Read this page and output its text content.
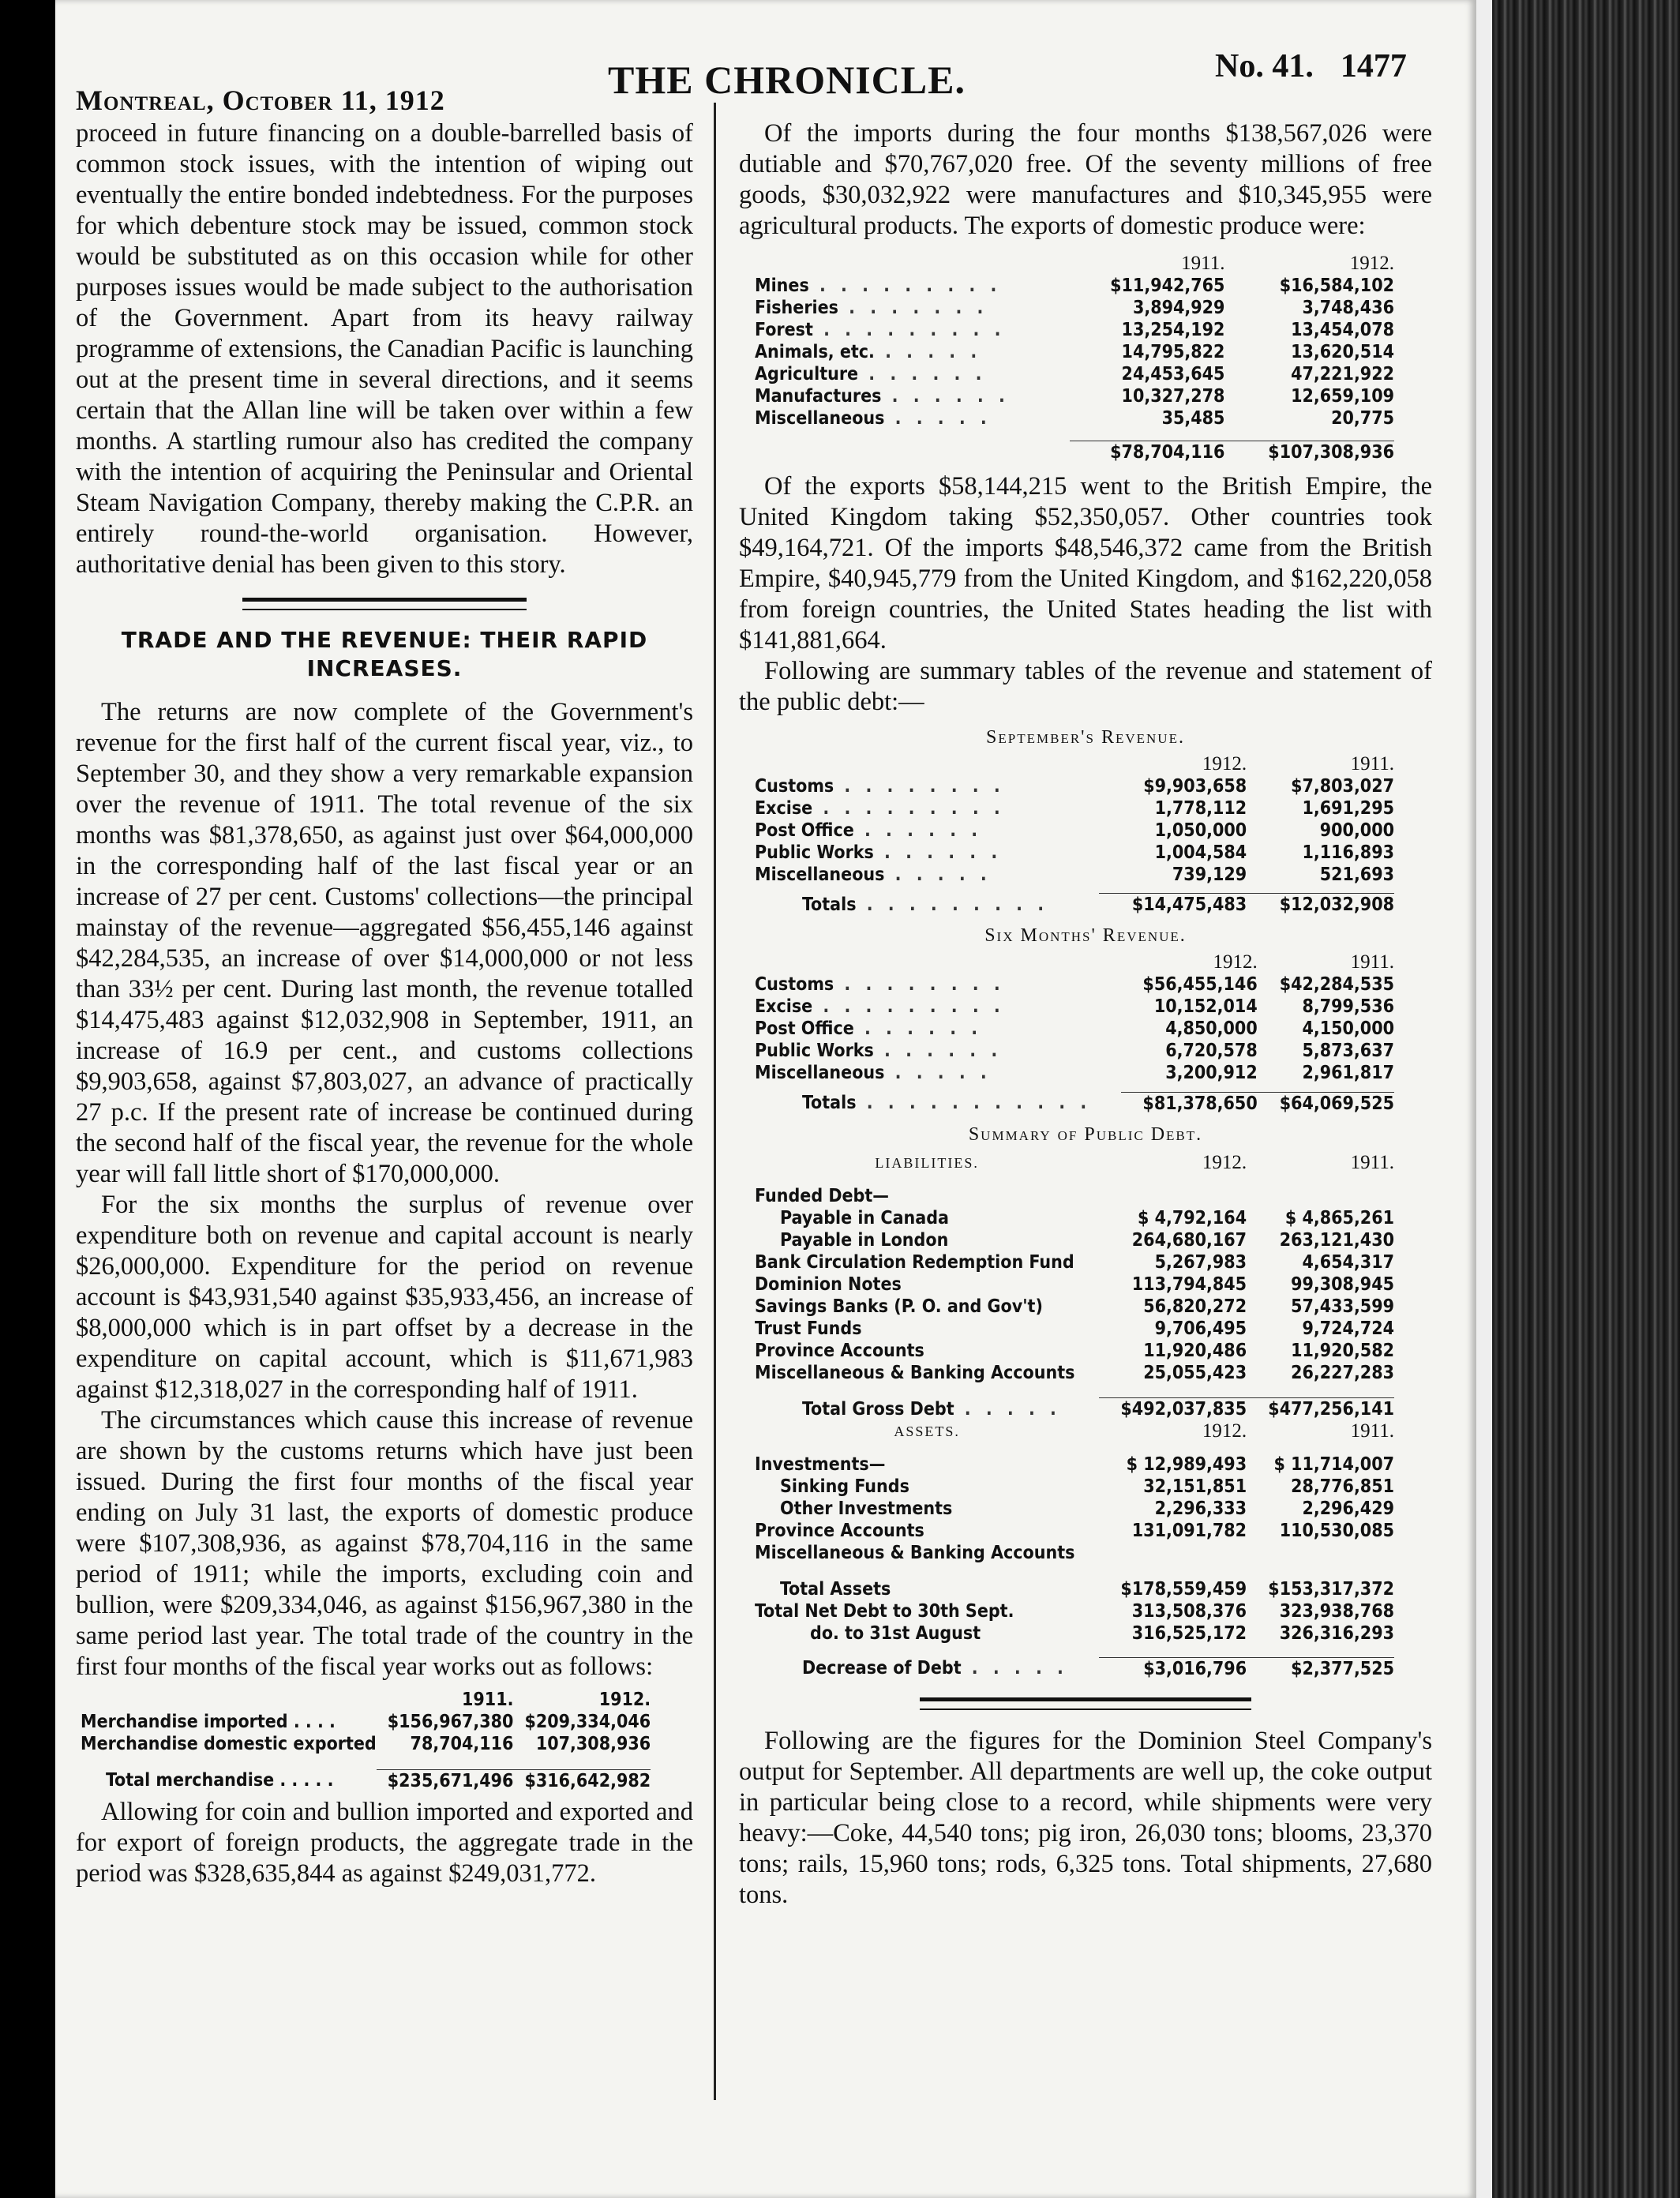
Montreal, October 11, 1912	THE CHRONICLE.	No. 41. 1477

proceed in future financing on a double-barrelled basis of common stock issues, with the intention of wiping out eventually the entire bonded indebtedness. For the purposes for which debenture stock may be issued, common stock would be substituted as on this occasion while for other purposes issues would be made subject to the authorisation of the Government. Apart from its heavy railway programme of extensions, the Canadian Pacific is launching out at the present time in several directions, and it seems certain that the Allan line will be taken over within a few months. A startling rumour also has credited the company with the intention of acquiring the Peninsular and Oriental Steam Navigation Company, thereby making the C.P.R. an entirely round-the-world organisation. However, authoritative denial has been given to this story.

TRADE AND THE REVENUE: THEIR RAPID INCREASES.

The returns are now complete of the Government's revenue for the first half of the current fiscal year, viz., to September 30, and they show a very remarkable expansion over the revenue of 1911. The total revenue of the six months was $81,378,650, as against just over $64,000,000 in the corresponding half of the last fiscal year or an increase of 27 per cent. Customs' collections—the principal mainstay of the revenue—aggregated $56,455,146 against $42,284,535, an increase of over $14,000,000 or not less than 33½ per cent. During last month, the revenue totalled $14,475,483 against $12,032,908 in September, 1911, an increase of 16.9 per cent., and customs collections $9,903,658, against $7,803,027, an advance of practically 27 p.c. If the present rate of increase be continued during the second half of the fiscal year, the revenue for the whole year will fall little short of $170,000,000.

For the six months the surplus of revenue over expenditure both on revenue and capital account is nearly $26,000,000. Expenditure for the period on revenue account is $43,931,540 against $35,933,456, an increase of $8,000,000 which is in part offset by a decrease in the expenditure on capital account, which is $11,671,983 against $12,318,027 in the corresponding half of 1911.

The circumstances which cause this increase of revenue are shown by the customs returns which have just been issued. During the first four months of the fiscal year ending on July 31 last, the exports of domestic produce were $107,308,936, as against $78,704,116 in the same period of 1911; while the imports, excluding coin and bullion, were $209,334,046, as against $156,967,380 in the same period last year. The total trade of the country in the first four months of the fiscal year works out as follows:

	1911.	1912.
Merchandise imported . . . .	$156,967,380	$209,334,046
Merchandise domestic exported	78,704,116	107,308,936

Total merchandise . . . . .	$235,671,496	$316,642,982

Allowing for coin and bullion imported and exported and for export of foreign products, the aggregate trade in the period was $328,635,844 as against $249,031,772.

Of the imports during the four months $138,567,026 were dutiable and $70,767,020 free. Of the seventy millions of free goods, $30,032,922 were manufactures and $10,345,955 were agricultural products. The exports of domestic produce were:

	1911.	1912.
Mines . . . . . . . . .	$11,942,765	$16,584,102
Fisheries . . . . . . .	3,894,929	3,748,436
Forest . . . . . . . . .	13,254,192	13,454,078
Animals, etc. . . . . .	14,795,822	13,620,514
Agriculture . . . . . .	24,453,645	47,221,922
Manufactures . . . . . .	10,327,278	12,659,109
Miscellaneous . . . . .	35,485	20,775

	$78,704,116	$107,308,936

Of the exports $58,144,215 went to the British Empire, the United Kingdom taking $52,350,057. Other countries took $49,164,721. Of the imports $48,546,372 came from the British Empire, $40,945,779 from the United Kingdom, and $162,220,058 from foreign countries, the United States heading the list with $141,881,664.

Following are summary tables of the revenue and statement of the public debt:—

September's Revenue.
	1912.	1911.
Customs . . . . . . . .	$9,903,658	$7,803,027
Excise . . . . . . . . .	1,778,112	1,691,295
Post Office . . . . . .	1,050,000	900,000
Public Works . . . . . .	1,004,584	1,116,893
Miscellaneous . . . . .	739,129	521,693

Totals . . . . . . . . .	$14,475,483	$12,032,908
Six Months' Revenue.
	1912.	1911.
Customs . . . . . . . .	$56,455,146	$42,284,535
Excise . . . . . . . . .	10,152,014	8,799,536
Post Office . . . . . .	4,850,000	4,150,000
Public Works . . . . . .	6,720,578	5,873,637
Miscellaneous . . . . .	3,200,912	2,961,817

Totals . . . . . . . . . . .	$81,378,650	$64,069,525
Summary of Public Debt.
LIABILITIES.	1912.	1911.

Funded Debt—		
Payable in Canada	$ 4,792,164	$ 4,865,261
Payable in London	264,680,167	263,121,430
Bank Circulation Redemption Fund	5,267,983	4,654,317
Dominion Notes	113,794,845	99,308,945
Savings Banks (P. O. and Gov't)	56,820,272	57,433,599
Trust Funds	9,706,495	9,724,724
Province Accounts	11,920,486	11,920,582
Miscellaneous & Banking Accounts	25,055,423	26,227,283

Total Gross Debt . . . . .	$492,037,835	$477,256,141
ASSETS.	1912.	1911.

Investments—	$ 12,989,493	$ 11,714,007
Sinking Funds	32,151,851	28,776,851
Other Investments	2,296,333	2,296,429
Province Accounts	131,091,782	110,530,085
Miscellaneous & Banking Accounts		

Total Assets	$178,559,459	$153,317,372
Total Net Debt to 30th Sept.	313,508,376	323,938,768
do. to 31st August	316,525,172	326,316,293

Decrease of Debt . . . . .	$3,016,796	$2,377,525

Following are the figures for the Dominion Steel Company's output for September. All departments are well up, the coke output in particular being close to a record, while shipments were very heavy:—Coke, 44,540 tons; pig iron, 26,030 tons; blooms, 23,370 tons; rails, 15,960 tons; rods, 6,325 tons. Total shipments, 27,680 tons.
